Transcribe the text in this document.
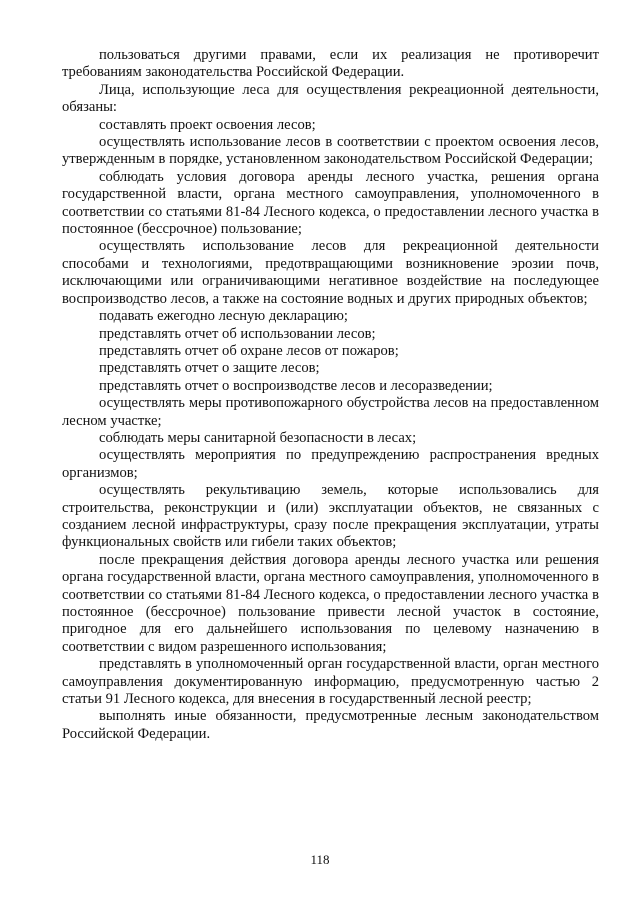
пользоваться другими правами, если их реализация не противоречит требованиям законодательства Российской Федерации.

Лица, использующие леса для осуществления рекреационной деятельности, обязаны:

составлять проект освоения лесов;

осуществлять использование лесов в соответствии с проектом освоения лесов, утвержденным в порядке, установленном законодательством Российской Федерации;

соблюдать условия договора аренды лесного участка, решения органа государственной власти, органа местного самоуправления, уполномоченного в соответствии со статьями 81-84 Лесного кодекса, о предоставлении лесного участка в постоянное (бессрочное) пользование;

осуществлять использование лесов для рекреационной деятельности способами и технологиями, предотвращающими возникновение эрозии почв, исключающими или ограничивающими негативное воздействие на последующее воспроизводство лесов, а также на состояние водных и других природных объектов;

подавать ежегодно лесную декларацию;

представлять отчет об использовании лесов;

представлять отчет об охране лесов от пожаров;

представлять отчет о защите лесов;

представлять отчет о воспроизводстве лесов и лесоразведении;

осуществлять меры противопожарного обустройства лесов на предоставленном лесном участке;

соблюдать меры санитарной безопасности в лесах;

осуществлять мероприятия по предупреждению распространения вредных организмов;

осуществлять рекультивацию земель, которые использовались для строительства, реконструкции и (или) эксплуатации объектов, не связанных с созданием лесной инфраструктуры, сразу после прекращения эксплуатации, утраты функциональных свойств или гибели таких объектов;

после прекращения действия договора аренды лесного участка или решения органа государственной власти, органа местного самоуправления, уполномоченного в соответствии со статьями 81-84 Лесного кодекса, о предоставлении лесного участка в постоянное (бессрочное) пользование привести лесной участок в состояние, пригодное для его дальнейшего использования по целевому назначению в соответствии с видом разрешенного использования;

представлять в уполномоченный орган государственной власти, орган местного самоуправления документированную информацию, предусмотренную частью 2 статьи 91 Лесного кодекса, для внесения в государственный лесной реестр;

выполнять иные обязанности, предусмотренные лесным законодательством Российской Федерации.

118
